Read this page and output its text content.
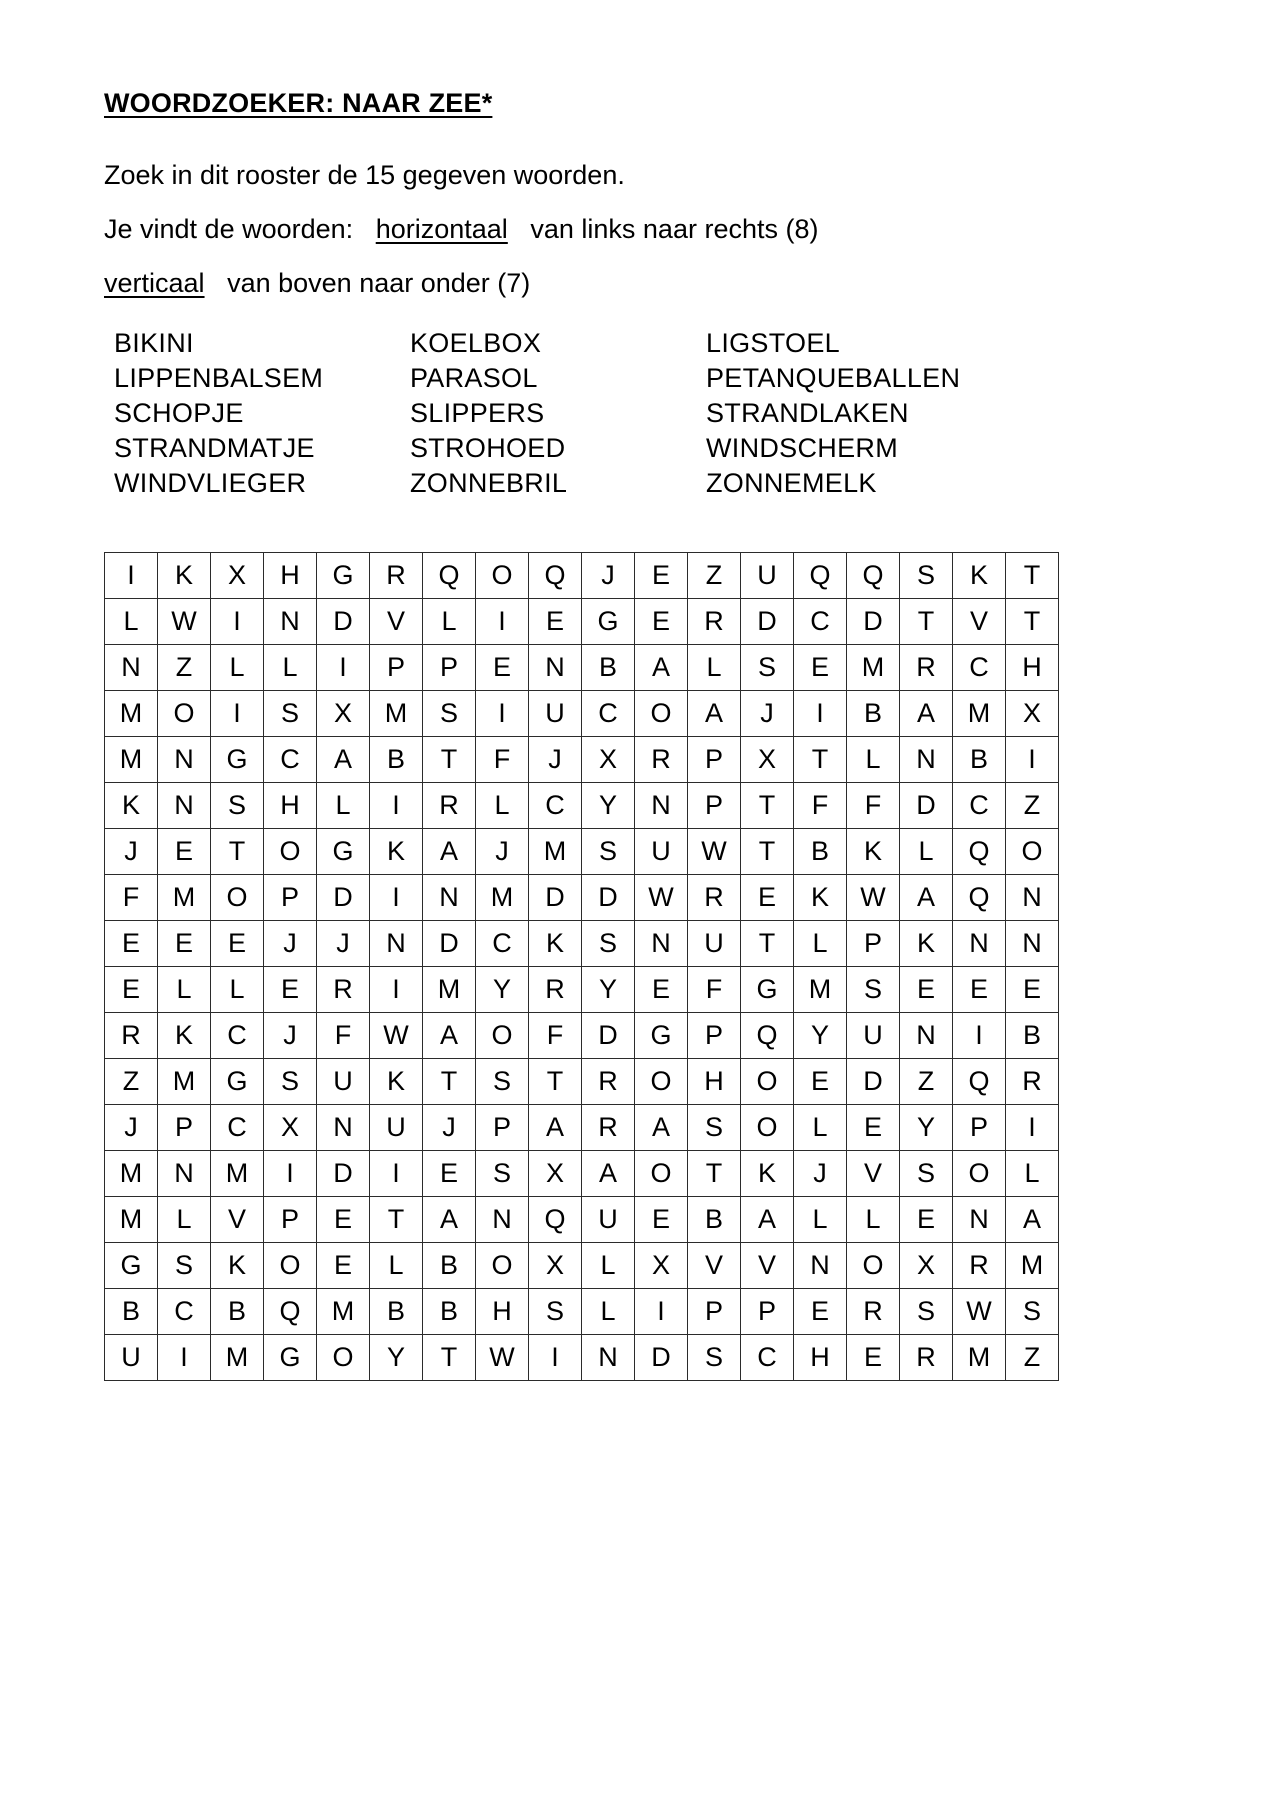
WOORDZOEKER: NAAR ZEE*

Zoek in dit rooster de 15 gegeven woorden.

Je vindt de woorden: horizontaal van links naar rechts (8)

verticaal van boven naar onder (7)

BIKINI	KOELBOX	LIGSTOEL
LIPPENBALSEM	PARASOL	PETANQUEBALLEN
SCHOPJE	SLIPPERS	STRANDLAKEN
STRANDMATJE	STROHOED	WINDSCHERM
WINDVLIEGER	ZONNEBRIL	ZONNEMELK
I	K	X	H	G	R	Q	O	Q	J	E	Z	U	Q	Q	S	K	T
L	W	I	N	D	V	L	I	E	G	E	R	D	C	D	T	V	T
N	Z	L	L	I	P	P	E	N	B	A	L	S	E	M	R	C	H
M	O	I	S	X	M	S	I	U	C	O	A	J	I	B	A	M	X
M	N	G	C	A	B	T	F	J	X	R	P	X	T	L	N	B	I
K	N	S	H	L	I	R	L	C	Y	N	P	T	F	F	D	C	Z
J	E	T	O	G	K	A	J	M	S	U	W	T	B	K	L	Q	O
F	M	O	P	D	I	N	M	D	D	W	R	E	K	W	A	Q	N
E	E	E	J	J	N	D	C	K	S	N	U	T	L	P	K	N	N
E	L	L	E	R	I	M	Y	R	Y	E	F	G	M	S	E	E	E
R	K	C	J	F	W	A	O	F	D	G	P	Q	Y	U	N	I	B
Z	M	G	S	U	K	T	S	T	R	O	H	O	E	D	Z	Q	R
J	P	C	X	N	U	J	P	A	R	A	S	O	L	E	Y	P	I
M	N	M	I	D	I	E	S	X	A	O	T	K	J	V	S	O	L
M	L	V	P	E	T	A	N	Q	U	E	B	A	L	L	E	N	A
G	S	K	O	E	L	B	O	X	L	X	V	V	N	O	X	R	M
B	C	B	Q	M	B	B	H	S	L	I	P	P	E	R	S	W	S
U	I	M	G	O	Y	T	W	I	N	D	S	C	H	E	R	M	Z
